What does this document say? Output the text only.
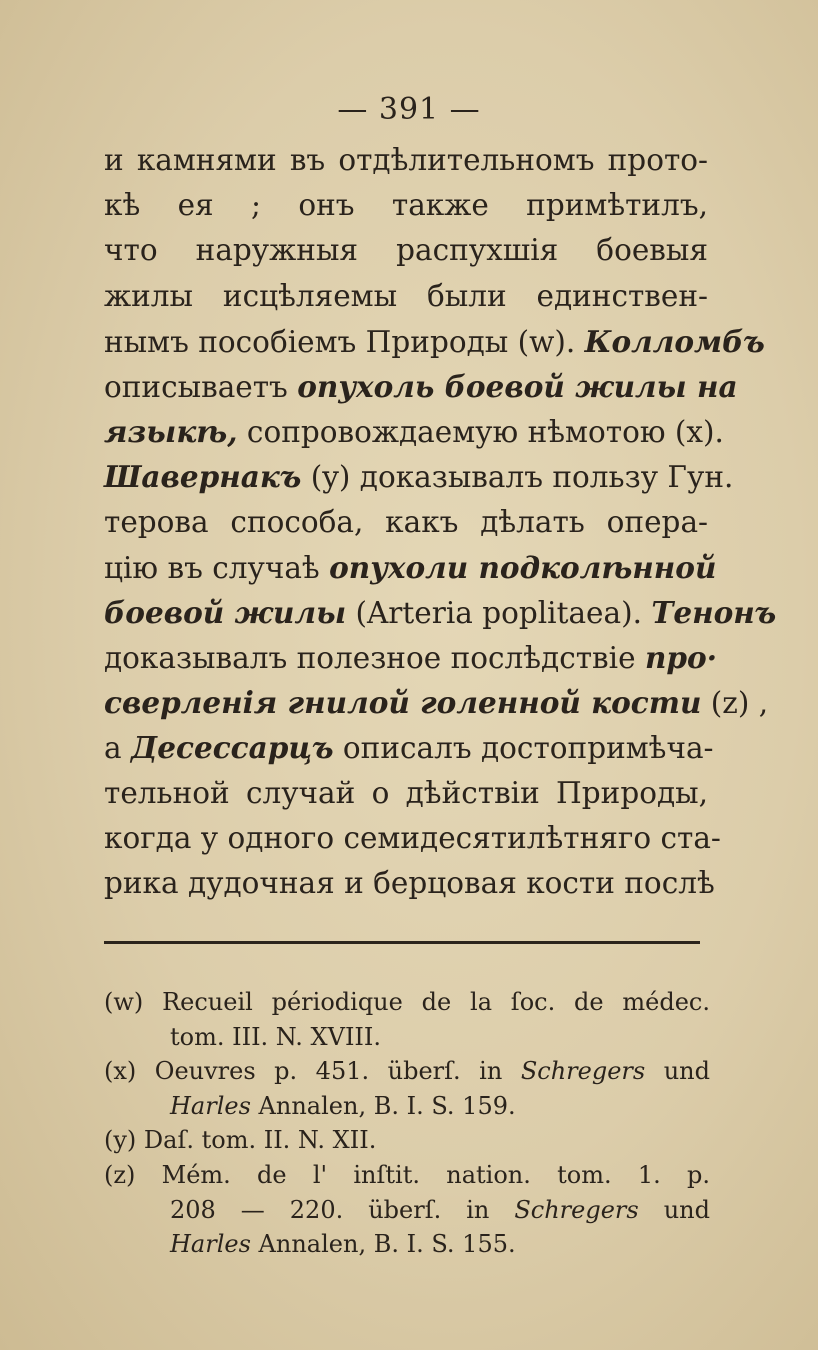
— 391 —
и камнями въ отдѣлительномъ прото-
кѣ ея ; онъ также примѣтилъ,
что наружныя распухшія боевыя
жилы исцѣляемы были единствен-
нымъ пособіемъ Природы (w). Колломбъ
описываетъ опухоль боевой жилы на
языкѣ, сопровождаемую нѣмотою (x).
Шавернакъ (y) доказывалъ пользу Гун.
терова способа, какъ дѣлать опера-
цію въ случаѣ опухоли подколѣнной
боевой жилы (Arteria poplitaea). Тенонъ
доказывалъ полезное послѣдствіе про·
сверленія гнилой голенной кости (z) ,
а Десессарцъ описалъ достопримѣча-
тельной случай о дѣйствіи Природы,
когда у одного семидесятилѣтняго ста-
рика дудочная и берцовая кости послѣ
(w) Recueil périodique de la ſoc. de médec.
tom. III. N. XVIII.
(x) Oeuvres p. 451. überſ. in Schregers und
Harles Annalen, B. I. S. 159.
(y) Daſ. tom. II. N. XII.
(z) Mém. de l' inſtit. nation. tom. 1. p.
208 — 220. überſ. in Schregers und
Harles Annalen, B. I. S. 155.
